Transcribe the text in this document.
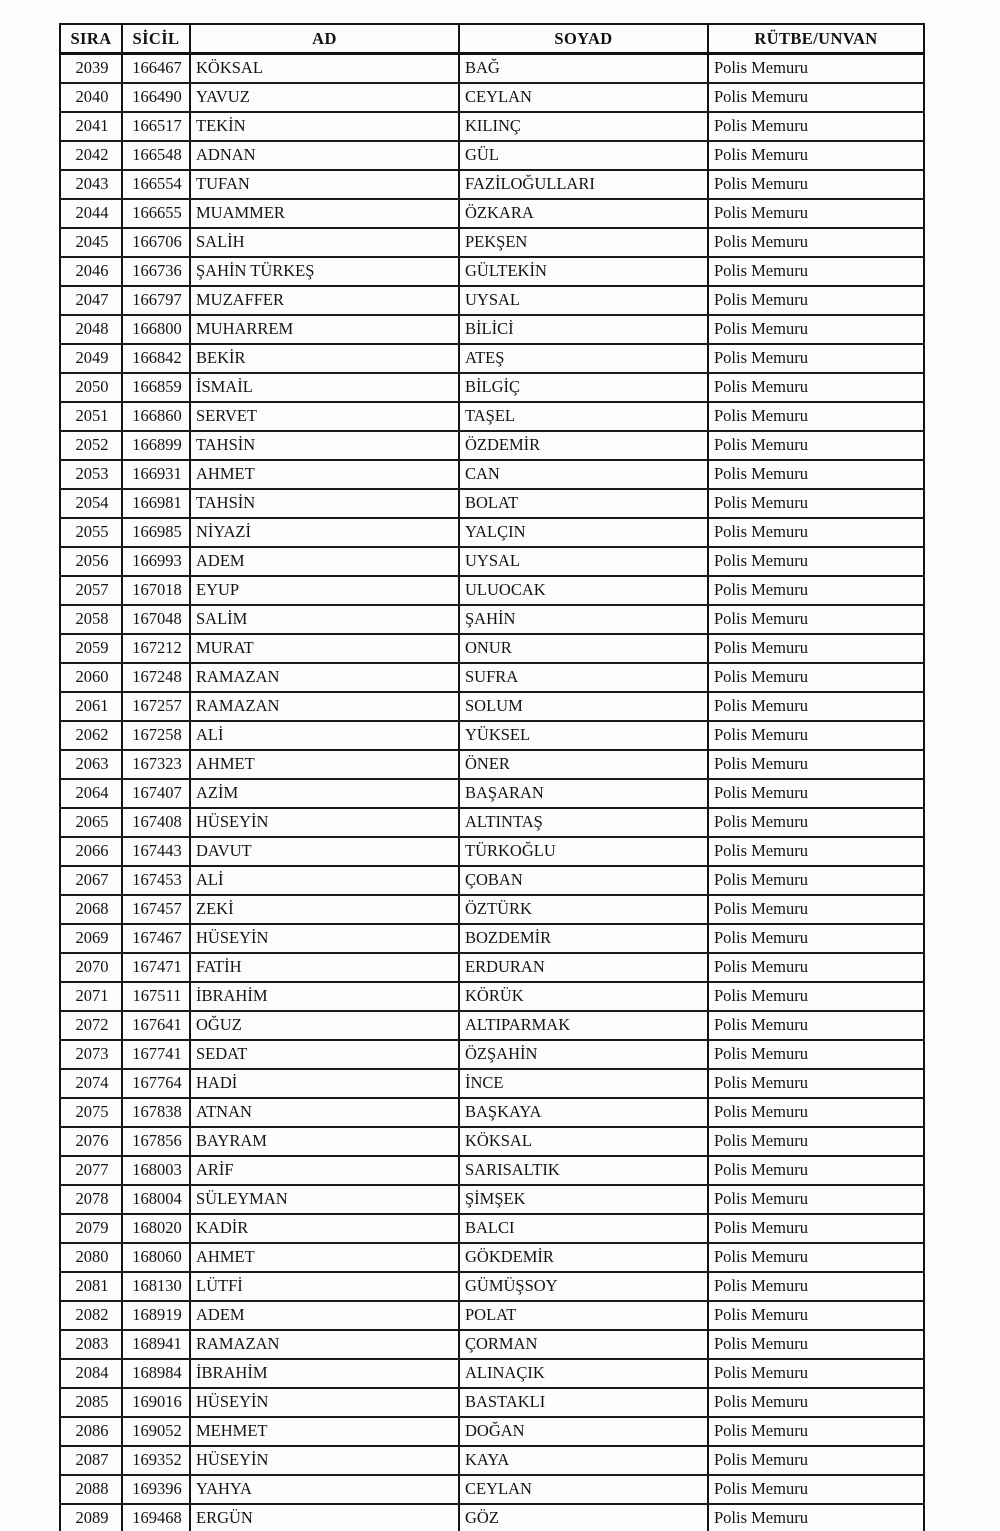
SIRA	SİCİL	AD	SOYAD	RÜTBE/UNVAN
2039	166467	KÖKSAL	BAĞ	Polis Memuru
2040	166490	YAVUZ	CEYLAN	Polis Memuru
2041	166517	TEKİN	KILINÇ	Polis Memuru
2042	166548	ADNAN	GÜL	Polis Memuru
2043	166554	TUFAN	FAZİLOĞULLARI	Polis Memuru
2044	166655	MUAMMER	ÖZKARA	Polis Memuru
2045	166706	SALİH	PEKŞEN	Polis Memuru
2046	166736	ŞAHİN TÜRKEŞ	GÜLTEKİN	Polis Memuru
2047	166797	MUZAFFER	UYSAL	Polis Memuru
2048	166800	MUHARREM	BİLİCİ	Polis Memuru
2049	166842	BEKİR	ATEŞ	Polis Memuru
2050	166859	İSMAİL	BİLGİÇ	Polis Memuru
2051	166860	SERVET	TAŞEL	Polis Memuru
2052	166899	TAHSİN	ÖZDEMİR	Polis Memuru
2053	166931	AHMET	CAN	Polis Memuru
2054	166981	TAHSİN	BOLAT	Polis Memuru
2055	166985	NİYAZİ	YALÇIN	Polis Memuru
2056	166993	ADEM	UYSAL	Polis Memuru
2057	167018	EYUP	ULUOCAK	Polis Memuru
2058	167048	SALİM	ŞAHİN	Polis Memuru
2059	167212	MURAT	ONUR	Polis Memuru
2060	167248	RAMAZAN	SUFRA	Polis Memuru
2061	167257	RAMAZAN	SOLUM	Polis Memuru
2062	167258	ALİ	YÜKSEL	Polis Memuru
2063	167323	AHMET	ÖNER	Polis Memuru
2064	167407	AZİM	BAŞARAN	Polis Memuru
2065	167408	HÜSEYİN	ALTINTAŞ	Polis Memuru
2066	167443	DAVUT	TÜRKOĞLU	Polis Memuru
2067	167453	ALİ	ÇOBAN	Polis Memuru
2068	167457	ZEKİ	ÖZTÜRK	Polis Memuru
2069	167467	HÜSEYİN	BOZDEMİR	Polis Memuru
2070	167471	FATİH	ERDURAN	Polis Memuru
2071	167511	İBRAHİM	KÖRÜK	Polis Memuru
2072	167641	OĞUZ	ALTIPARMAK	Polis Memuru
2073	167741	SEDAT	ÖZŞAHİN	Polis Memuru
2074	167764	HADİ	İNCE	Polis Memuru
2075	167838	ATNAN	BAŞKAYA	Polis Memuru
2076	167856	BAYRAM	KÖKSAL	Polis Memuru
2077	168003	ARİF	SARISALTIK	Polis Memuru
2078	168004	SÜLEYMAN	ŞİMŞEK	Polis Memuru
2079	168020	KADİR	BALCI	Polis Memuru
2080	168060	AHMET	GÖKDEMİR	Polis Memuru
2081	168130	LÜTFİ	GÜMÜŞSOY	Polis Memuru
2082	168919	ADEM	POLAT	Polis Memuru
2083	168941	RAMAZAN	ÇORMAN	Polis Memuru
2084	168984	İBRAHİM	ALINAÇIK	Polis Memuru
2085	169016	HÜSEYİN	BASTAKLI	Polis Memuru
2086	169052	MEHMET	DOĞAN	Polis Memuru
2087	169352	HÜSEYİN	KAYA	Polis Memuru
2088	169396	YAHYA	CEYLAN	Polis Memuru
2089	169468	ERGÜN	GÖZ	Polis Memuru
